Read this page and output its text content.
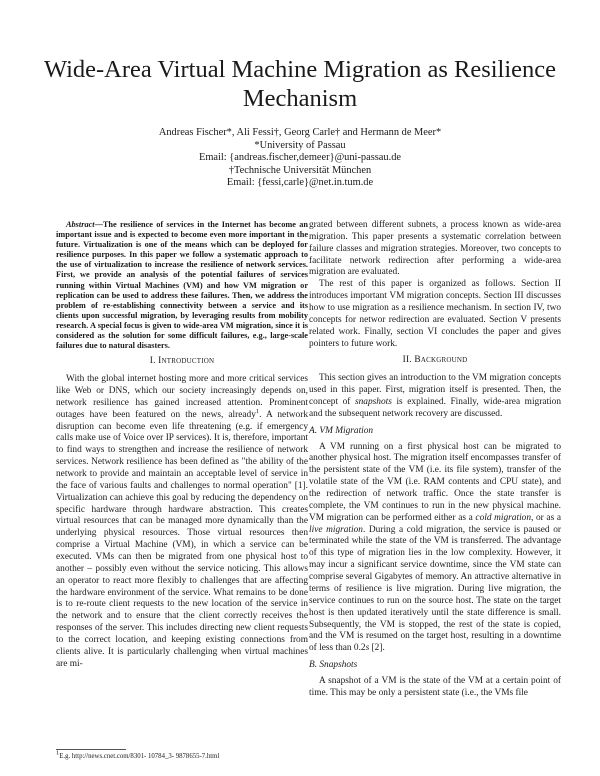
Wide-Area Virtual Machine Migration as Resilience
Mechanism
Andreas Fischer*, Ali Fessi†, Georg Carle† and Hermann de Meer*
*University of Passau
Email: {andreas.fischer,demeer}@uni-passau.de
†Technische Universität München
Email: {fessi,carle}@net.in.tum.de

Abstract—The resilience of services in the Internet has become an important issue and is expected to become even more important in the future. Virtualization is one of the means which can be deployed for resilience purposes. In this paper we follow a systematic approach to the use of virtualization to increase the resilience of network services. First, we provide an analysis of the potential failures of services running within Virtual Machines (VM) and how VM migration or replication can be used to address these failures. Then, we address the problem of re-establishing connectivity between a service and its clients upon successful migration, by leveraging results from mobility research. A special focus is given to wide-area VM migration, since it is considered as the solution for some difficult failures, e.g., large-scale failures due to natural disasters.

I. Introduction

With the global internet hosting more and more critical services like Web or DNS, which our society increasingly depends on, network resilience has gained increased attention. Prominent outages have been featured on the news, already$^1$. A network disruption can become even life threatening (e.g. if emergency calls make use of Voice over IP services). It is, therefore, important to find ways to strengthen and increase the resilience of network services. Network resilience has been defined as "the ability of the network to provide and maintain an acceptable level of service in the face of various faults and challenges to normal operation" [1]. Virtualization can achieve this goal by reducing the dependency on specific hardware through hardware abstraction. This creates virtual resources that can be managed more dynamically than the underlying physical resources. Those virtual resources then comprise a Virtual Machine (VM), in which a service can be executed. VMs can then be migrated from one physical host to another – possibly even without the service noticing. This allows an operator to react more flexibly to challenges that are affecting the hardware environment of the service. What remains to be done is to re-route client requests to the new location of the service in the network and to ensure that the client correctly receives the responses of the server. This includes directing new client requests to the correct location, and keeping existing connections from clients alive. It is particularly challenging when virtual machines are mi-

grated between different subnets, a process known as wide-area migration. This paper presents a systematic correlation between failure classes and migration strategies. Moreover, two concepts to facilitate network redirection after performing a wide-area migration are evaluated.

The rest of this paper is organized as follows. Section II introduces important VM migration concepts. Section III discusses how to use migration as a resilience mechanism. In section IV, two concepts for networ redirection are evaluated. Section V presents related work. Finally, section VI concludes the paper and gives pointers to future work.

II. Background

This section gives an introduction to the VM migration concepts used in this paper. First, migration itself is presented. Then, the concept of snapshots is explained. Finally, wide-area migration and the subsequent network recovery are discussed.

A. VM Migration

A VM running on a first physical host can be migrated to another physical host. The migration itself encompasses transfer of the persistent state of the VM (i.e. its file system), transfer of the volatile state of the VM (i.e. RAM contents and CPU state), and the redirection of network traffic. Once the state transfer is complete, the VM continues to run in the new physical machine. VM migration can be performed either as a cold migration, or as a live migration. During a cold migration, the service is paused or terminated while the state of the VM is transferred. The advantage of this type of migration lies in the low complexity. However, it may incur a significant service downtime, since the VM state can comprise several Gigabytes of memory. An attractive alternative in terms of resilience is live migration. During live migration, the service continues to run on the source host. The state on the target host is then updated iteratively until the state difference is small. Subsequently, the VM is stopped, the rest of the state is copied, and the VM is resumed on the target host, resulting in a downtime of less than 0.2s [2].

B. Snapshots

A snapshot of a VM is the state of the VM at a certain point of time. This may be only a persistent state (i.e., the VMs file

$^1$E.g. http://news.cnet.com/8301- 10784_3- 9878655-7.html
